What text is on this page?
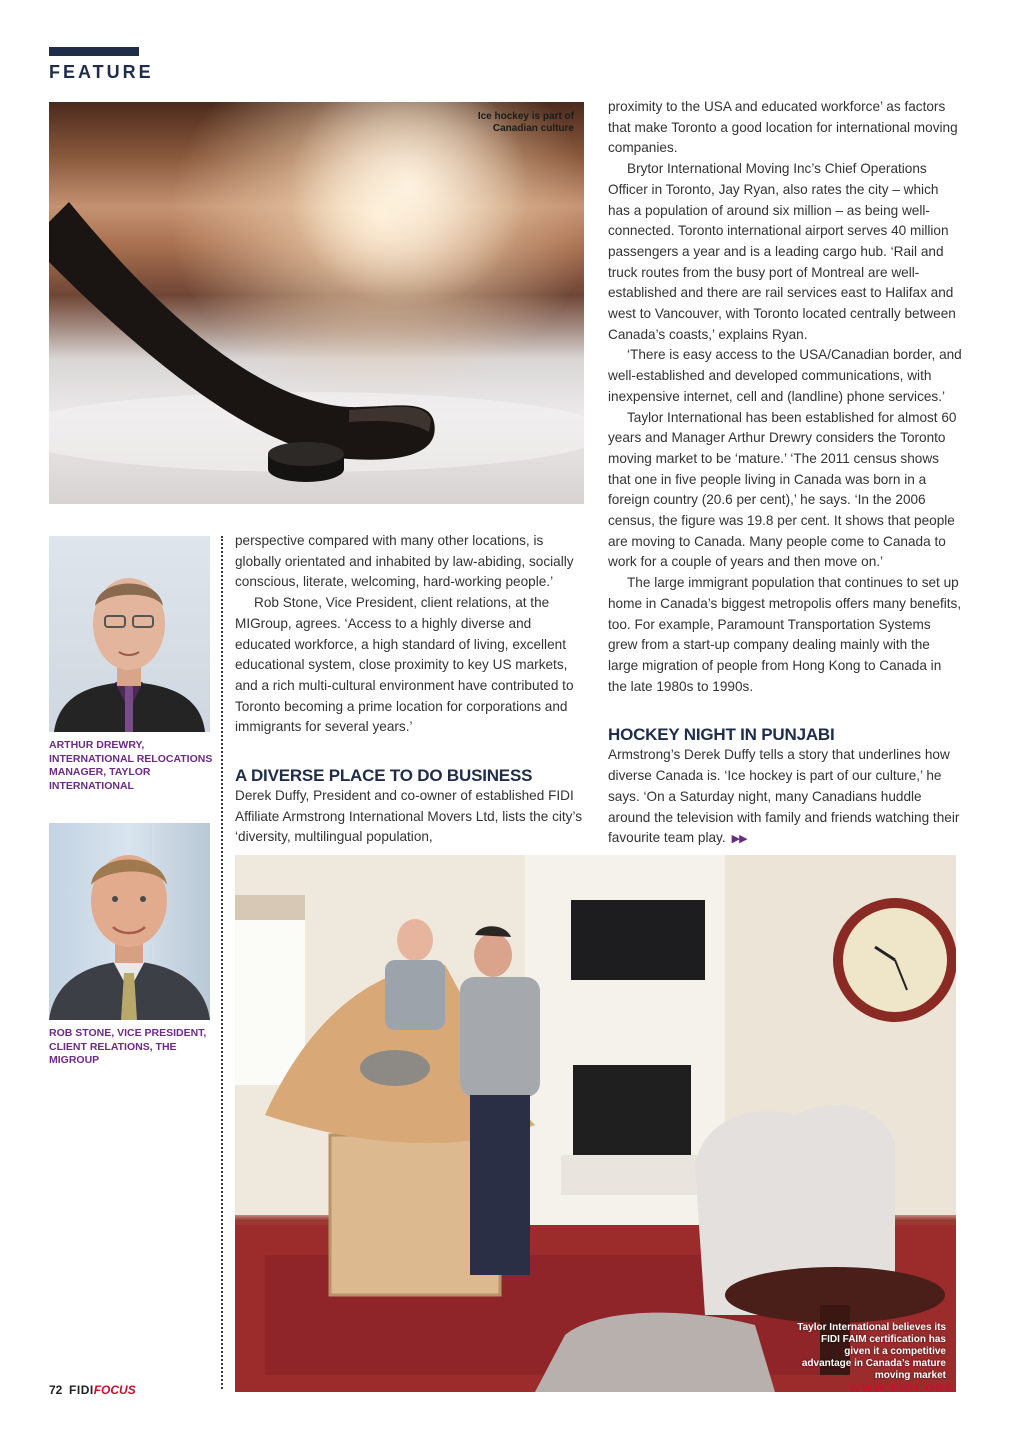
FEATURE
Ice hockey is part of Canadian culture
ARTHUR DREWRY, INTERNATIONAL RELOCATIONS MANAGER, TAYLOR INTERNATIONAL
ROB STONE, VICE PRESIDENT, CLIENT RELATIONS, THE MIGROUP

perspective compared with many other locations, is globally orientated and inhabited by law-abiding, socially conscious, literate, welcoming, hard-working people.’

Rob Stone, Vice President, client relations, at the MIGroup, agrees. ‘Access to a highly diverse and educated workforce, a high standard of living, excellent educational system, close proximity to key US markets, and a rich multi-cultural environment have contributed to Toronto becoming a prime location for corporations and immigrants for several years.’

A DIVERSE PLACE TO DO BUSINESS

Derek Duffy, President and co-owner of established FIDI Affiliate Armstrong International Movers Ltd, lists the city’s ‘diversity, multilingual population,

proximity to the USA and educated workforce’ as factors that make Toronto a good location for international moving companies.

Brytor International Moving Inc’s Chief Operations Officer in Toronto, Jay Ryan, also rates the city – which has a population of around six million – as being well-connected. Toronto international airport serves 40 million passengers a year and is a leading cargo hub. ‘Rail and truck routes from the busy port of Montreal are well-established and there are rail services east to Halifax and west to Vancouver, with Toronto located centrally between Canada’s coasts,’ explains Ryan.

‘There is easy access to the USA/Canadian border, and well-established and developed communications, with inexpensive internet, cell and (landline) phone services.’

Taylor International has been established for almost 60 years and Manager Arthur Drewry considers the Toronto moving market to be ‘mature.’ ‘The 2011 census shows that one in five people living in Canada was born in a foreign country (20.6 per cent),’ he says. ‘In the 2006 census, the figure was 19.8 per cent. It shows that people are moving to Canada. Many people come to Canada to work for a couple of years and then move on.’

The large immigrant population that continues to set up home in Canada’s biggest metropolis offers many benefits, too. For example, Paramount Transportation Systems grew from a start-up company dealing mainly with the large migration of people from Hong Kong to Canada in the late 1980s to 1990s.

HOCKEY NIGHT IN PUNJABI

Armstrong’s Derek Duffy tells a story that underlines how diverse Canada is. ‘Ice hockey is part of our culture,’ he says. ‘On a Saturday night, many Canadians huddle around the television with family and friends watching their favourite team play. ▶▶

Taylor International believes its FIDI FAIM certification has given it a competitive advantage in Canada’s mature moving market
72 FIDIFOCUS	WWW.FIDI.ORG
